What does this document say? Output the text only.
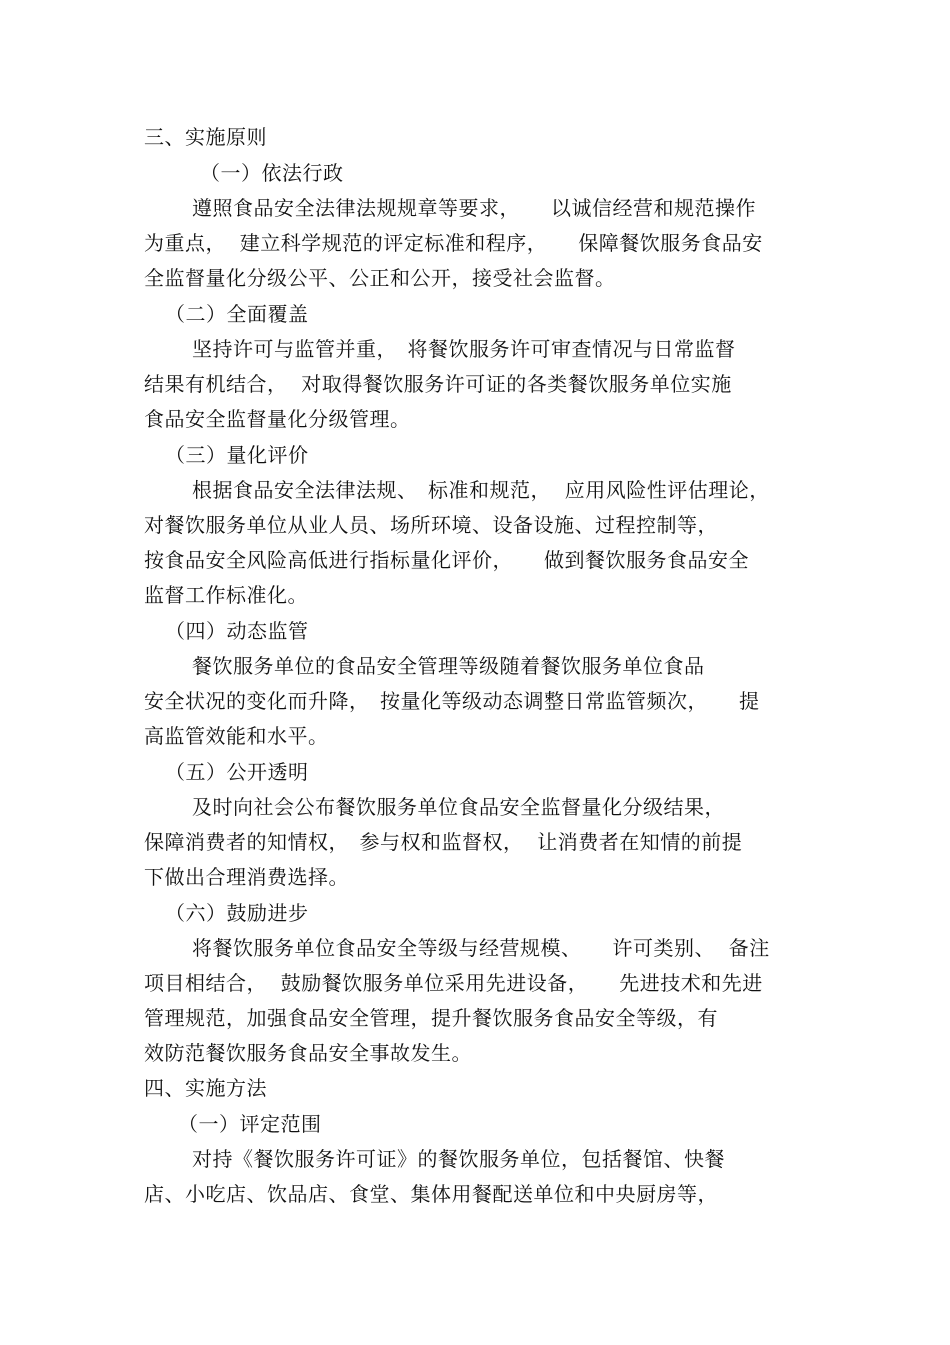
三、实施原则
（一）依法行政
遵照食品安全法律法规规章等要求，　　以诚信经营和规范操作
为重点，  建立科学规范的评定标准和程序，　　保障餐饮服务食品安
全监督量化分级公平、公正和公开，接受社会监督。
（二）全面覆盖
坚持许可与监管并重，　将餐饮服务许可审查情况与日常监督
结果有机结合，  对取得餐饮服务许可证的各类餐饮服务单位实施
食品安全监督量化分级管理。
（三）量化评价
根据食品安全法律法规、　标准和规范，  应用风险性评估理论，
对餐饮服务单位从业人员、场所环境、设备设施、过程控制等，
按食品安全风险高低进行指标量化评价，　　做到餐饮服务食品安全
监督工作标准化。
（四）动态监管
餐饮服务单位的食品安全管理等级随着餐饮服务单位食品
安全状况的变化而升降，　按量化等级动态调整日常监管频次，　　提
高监管效能和水平。
（五）公开透明
及时向社会公布餐饮服务单位食品安全监督量化分级结果，
保障消费者的知情权，　参与权和监督权，  让消费者在知情的前提
下做出合理消费选择。
（六）鼓励进步
将餐饮服务单位食品安全等级与经营规模、　　许可类别、  备注
项目相结合，  鼓励餐饮服务单位采用先进设备，　　先进技术和先进
管理规范，加强食品安全管理，提升餐饮服务食品安全等级，有
效防范餐饮服务食品安全事故发生。
四、实施方法
（一）评定范围
对持《餐饮服务许可证》的餐饮服务单位，包括餐馆、快餐
店、小吃店、饮品店、食堂、集体用餐配送单位和中央厨房等，
